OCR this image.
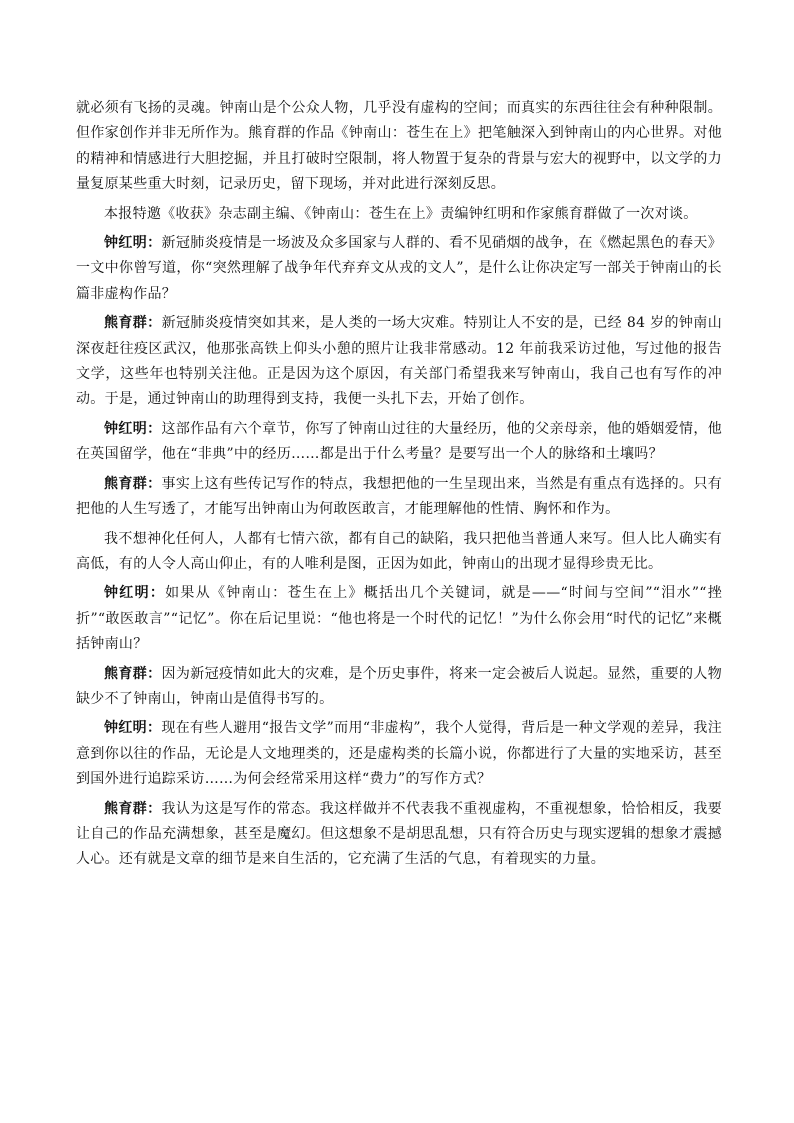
就必须有飞扬的灵魂。钟南山是个公众人物，几乎没有虚构的空间；而真实的东西往往会有种种限制。但作家创作并非无所作为。熊育群的作品《钟南山：苍生在上》把笔触深入到钟南山的内心世界。对他的精神和情感进行大胆挖掘，并且打破时空限制，将人物置于复杂的背景与宏大的视野中，以文学的力量复原某些重大时刻，记录历史，留下现场，并对此进行深刻反思。

本报特邀《收获》杂志副主编、《钟南山：苍生在上》责编钟红明和作家熊育群做了一次对谈。

钟红明：新冠肺炎疫情是一场波及众多国家与人群的、看不见硝烟的战争，在《燃起黑色的春天》一文中你曾写道，你“突然理解了战争年代弃弃文从戎的文人”，是什么让你决定写一部关于钟南山的长篇非虚构作品？

熊育群：新冠肺炎疫情突如其来，是人类的一场大灾难。特别让人不安的是，已经 84 岁的钟南山深夜赶往疫区武汉，他那张高铁上仰头小憩的照片让我非常感动。12 年前我采访过他，写过他的报告文学，这些年也特别关注他。正是因为这个原因，有关部门希望我来写钟南山，我自己也有写作的冲动。于是，通过钟南山的助理得到支持，我便一头扎下去，开始了创作。

钟红明：这部作品有六个章节，你写了钟南山过往的大量经历，他的父亲母亲，他的婚姻爱情，他在英国留学，他在“非典”中的经历……都是出于什么考量？是要写出一个人的脉络和土壤吗？

熊育群：事实上这有些传记写作的特点，我想把他的一生呈现出来，当然是有重点有选择的。只有把他的人生写透了，才能写出钟南山为何敢医敢言，才能理解他的性情、胸怀和作为。

我不想神化任何人，人都有七情六欲，都有自己的缺陷，我只把他当普通人来写。但人比人确实有高低，有的人令人高山仰止，有的人唯利是图，正因为如此，钟南山的出现才显得珍贵无比。

钟红明：如果从《钟南山：苍生在上》概括出几个关键词，就是——“时间与空间”“泪水”“挫折”“敢医敢言”“记忆”。你在后记里说：“他也将是一个时代的记忆！”为什么你会用“时代的记忆”来概括钟南山？

熊育群：因为新冠疫情如此大的灾难，是个历史事件，将来一定会被后人说起。显然，重要的人物缺少不了钟南山，钟南山是值得书写的。

钟红明：现在有些人避用“报告文学”而用“非虚构”，我个人觉得，背后是一种文学观的差异，我注意到你以往的作品，无论是人文地理类的，还是虚构类的长篇小说，你都进行了大量的实地采访，甚至到国外进行追踪采访……为何会经常采用这样“费力”的写作方式？

熊育群：我认为这是写作的常态。我这样做并不代表我不重视虚构，不重视想象，恰恰相反，我要让自己的作品充满想象，甚至是魔幻。但这想象不是胡思乱想，只有符合历史与现实逻辑的想象才震撼人心。还有就是文章的细节是来自生活的，它充满了生活的气息，有着现实的力量。
